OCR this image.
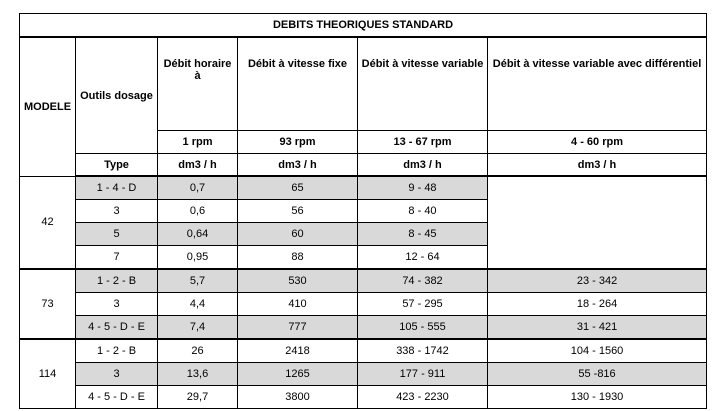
DEBITS THEORIQUES STANDARD					
MODELE	Outils dosage	Débit horaire à	Débit à vitesse fixe	Débit à vitesse variable	Débit à vitesse variable avec différentiel
		1 rpm	93 rpm	13 - 67 rpm	4 - 60 rpm
	Type	dm3 / h	dm3 / h	dm3 / h	dm3 / h
42	1 - 4 - D	0,7	65	9 - 48	
	3	0,6	56	8 - 40	
	5	0,64	60	8 - 45	
	7	0,95	88	12 - 64	
73	1 - 2 - B	5,7	530	74 - 382	23 - 342
	3	4,4	410	57 - 295	18 - 264
	4 - 5 - D - E	7,4	777	105 - 555	31 - 421
114	1 - 2 - B	26	2418	338 - 1742	104 - 1560
	3	13,6	1265	177 - 911	55 -816
	4 - 5 - D - E	29,7	3800	423 - 2230	130 - 1930
